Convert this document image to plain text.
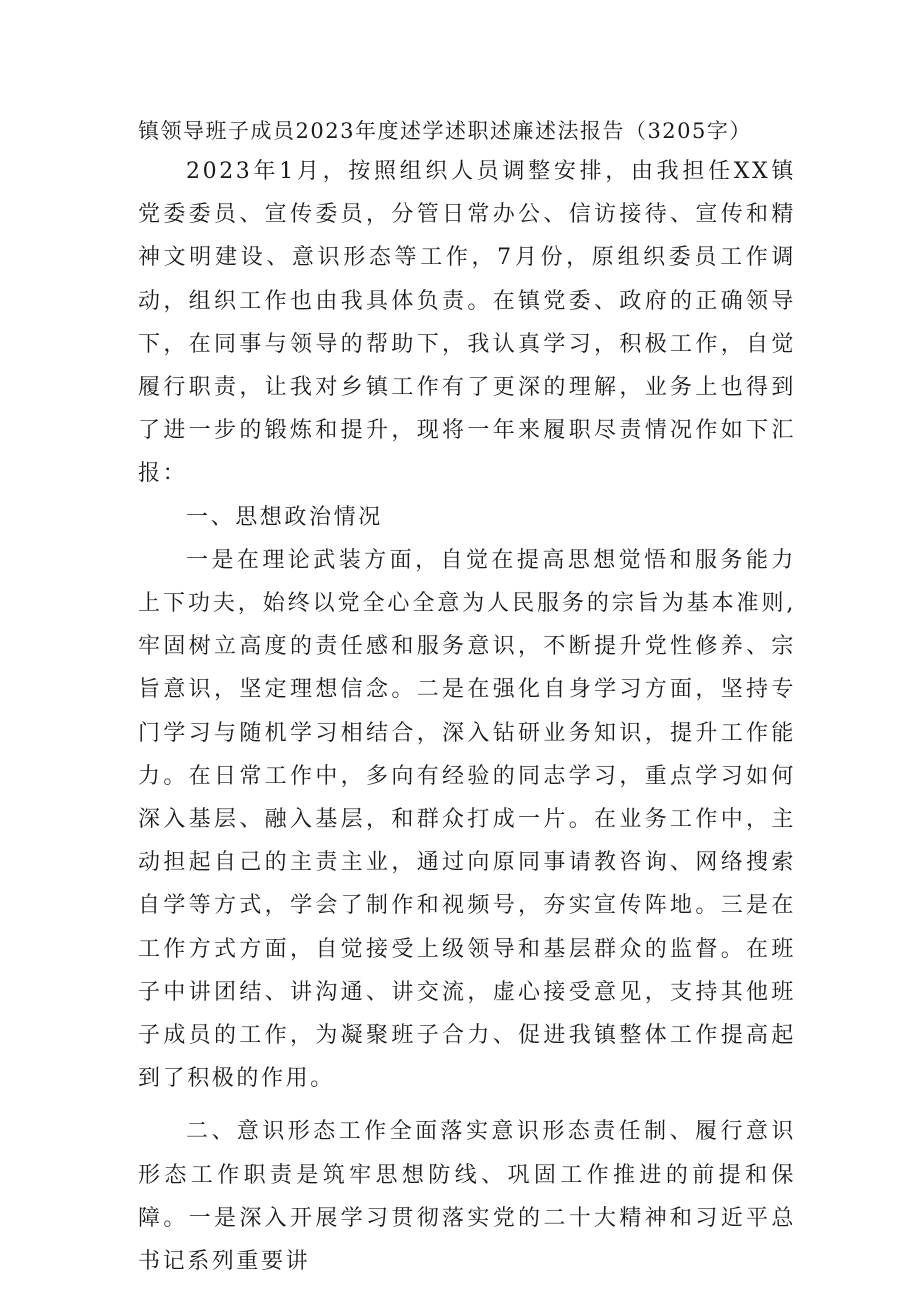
镇领导班子成员2023年度述学述职述廉述法报告（3205字）

2023年1月，按照组织人员调整安排，由我担任XX镇党委委员、宣传委员，分管日常办公、信访接待、宣传和精神文明建设、意识形态等工作，7月份，原组织委员工作调动，组织工作也由我具体负责。在镇党委、政府的正确领导下，在同事与领导的帮助下，我认真学习，积极工作，自觉履行职责，让我对乡镇工作有了更深的理解，业务上也得到了进一步的锻炼和提升，现将一年来履职尽责情况作如下汇报：

一、思想政治情况

一是在理论武装方面，自觉在提高思想觉悟和服务能力上下功夫，始终以党全心全意为人民服务的宗旨为基本准则,牢固树立高度的责任感和服务意识，不断提升党性修养、宗旨意识，坚定理想信念。二是在强化自身学习方面，坚持专门学习与随机学习相结合，深入钻研业务知识，提升工作能力。在日常工作中，多向有经验的同志学习，重点学习如何深入基层、融入基层，和群众打成一片。在业务工作中，主动担起自己的主责主业，通过向原同事请教咨询、网络搜索自学等方式，学会了制作和视频号，夯实宣传阵地。三是在工作方式方面，自觉接受上级领导和基层群众的监督。在班子中讲团结、讲沟通、讲交流，虚心接受意见，支持其他班子成员的工作，为凝聚班子合力、促进我镇整体工作提高起到了积极的作用。

二、意识形态工作全面落实意识形态责任制、履行意识形态工作职责是筑牢思想防线、巩固工作推进的前提和保障。一是深入开展学习贯彻落实党的二十大精神和习近平总书记系列重要讲
